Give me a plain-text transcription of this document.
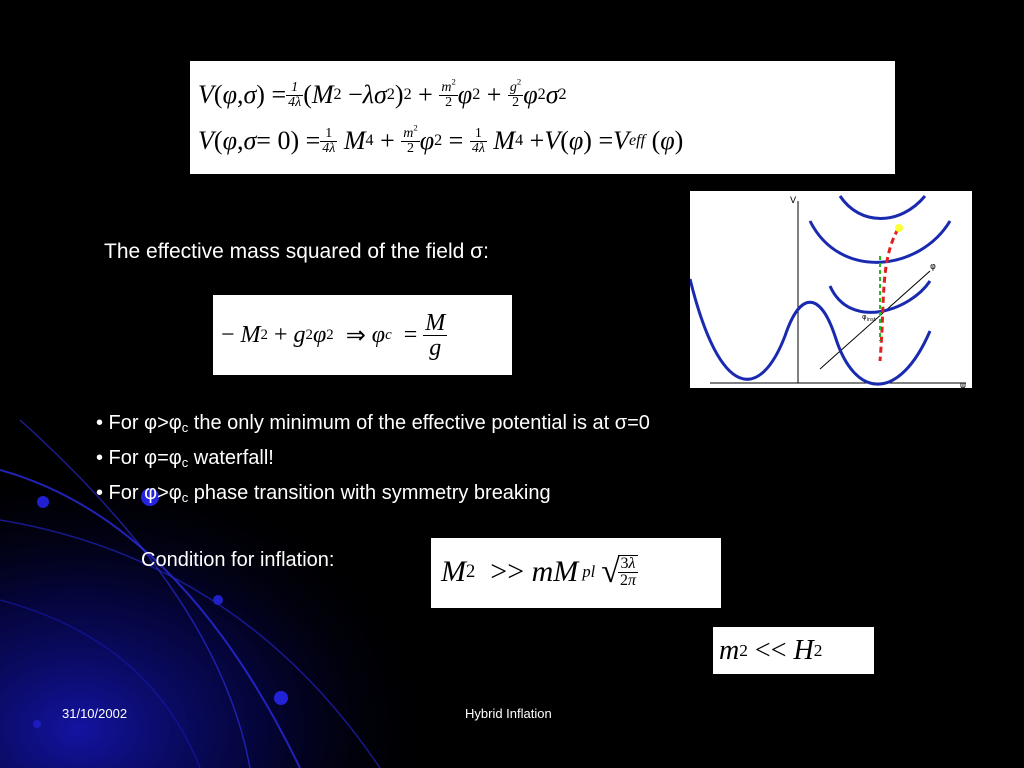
V ( φ , σ ) = $\frac{1}{4\lambda}$ ( M 2 − λσ 2 ) $2 + \frac{m^2}{2}$ φ $2 + \frac{g^2}{2}$ φ 2 σ 2
V ( φ , $\sigma = 0) = \frac{1}{4\lambda}$ M $4 + \frac{m^2}{2}$ φ $2 = \frac{1}{4\lambda}$ M 4 + V ( φ ) = V eff ( φ )
The effective mass squared of the field σ:
− M 2 + g 2 φ 2 ⇒ φ $c = \frac{M}{g}$
V
φ
ψ
$\varphi_{inst}$
• For φ>φc the only minimum of the effective potential is at σ=0
• For φ=φc waterfall!
• For φ>φc phase transition with symmetry breaking
Condition for inflation:	M 2 >> mM pl √
$\frac{3\lambda}{2\pi}$
m 2 << H 2
31/10/2002	Hybrid Inflation
